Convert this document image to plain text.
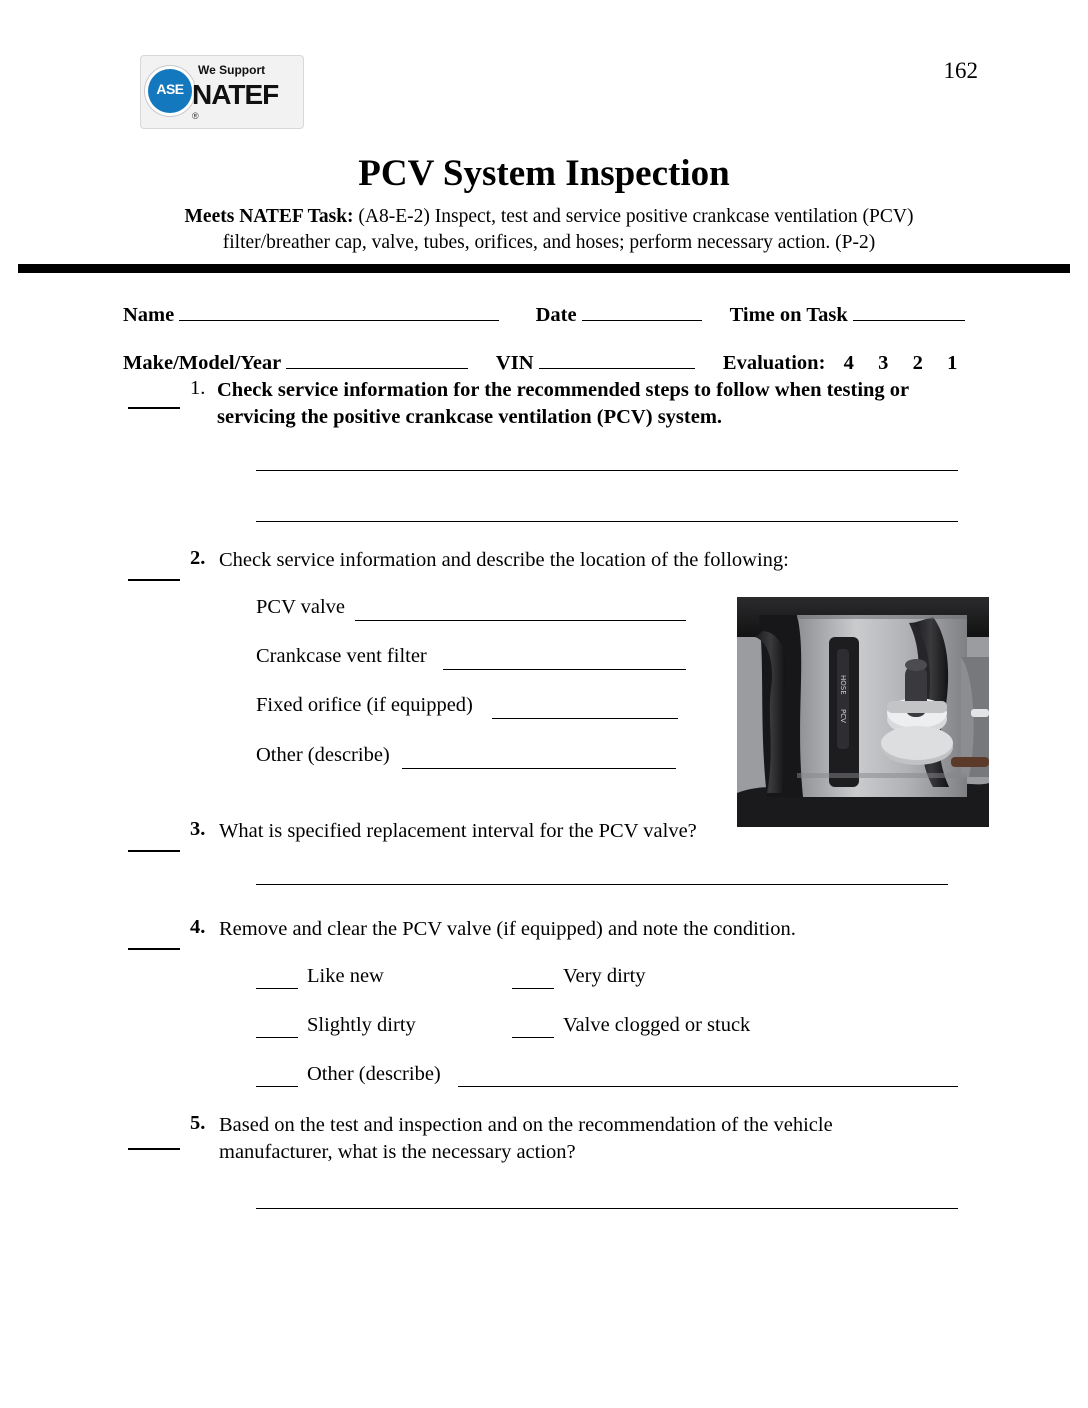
162
ASE
We Support
NATEF
®
PCV System Inspection
Meets NATEF Task: (A8-E-2) Inspect, test and service positive crankcase ventilation (PCV)
filter/breather cap, valve, tubes, orifices, and hoses; perform necessary action. (P-2)
Name	Date	Time on Task
Make/Model/Year	VIN	Evaluation: 4 3 2 1
1. Check service information for the recommended steps to follow when testing or
servicing the positive crankcase ventilation (PCV) system.
2. Check service information and describe the location of the following:
PCV valve
Crankcase vent filter
Fixed orifice (if equipped)
Other (describe)
HOSE
PCV
3. What is specified replacement interval for the PCV valve?
4. Remove and clear the PCV valve (if equipped) and note the condition.
Like new	Very dirty
Slightly dirty	Valve clogged or stuck
Other (describe)
5. Based on the test and inspection and on the recommendation of the vehicle
manufacturer, what is the necessary action?
